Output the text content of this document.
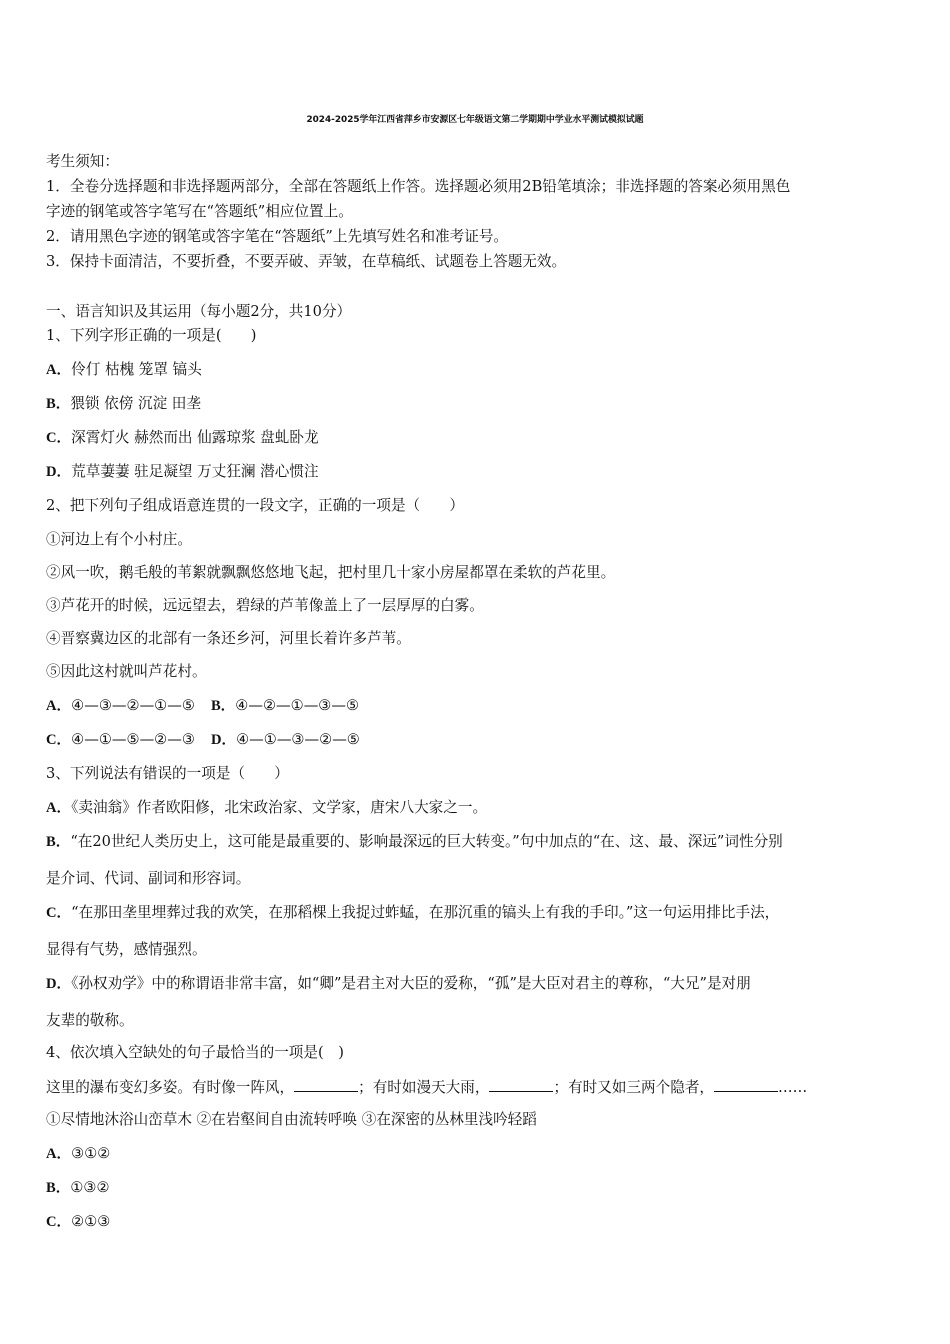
2024-2025学年江西省萍乡市安源区七年级语文第二学期期中学业水平测试模拟试题
考生须知：
1．全卷分选择题和非选择题两部分，全部在答题纸上作答。选择题必须用2B铅笔填涂；非选择题的答案必须用黑色
字迹的钢笔或答字笔写在“答题纸”相应位置上。
2．请用黑色字迹的钢笔或答字笔在“答题纸”上先填写姓名和准考证号。
3．保持卡面清洁，不要折叠，不要弄破、弄皱，在草稿纸、试题卷上答题无效。
一、语言知识及其运用（每小题2分，共10分）
1、下列字形正确的一项是(　　)
A．伶仃 枯槐 笼罩 镐头
B．猥锁 依傍 沉淀 田垄
C．深霄灯火 赫然而出 仙露琼浆 盘虬卧龙
D．荒草萋萋 驻足凝望 万丈狂澜 潜心惯注
2、把下列句子组成语意连贯的一段文字，正确的一项是（　　）
①河边上有个小村庄。
②风一吹，鹅毛般的苇絮就飘飘悠悠地飞起，把村里几十家小房屋都罩在柔软的芦花里。
③芦花开的时候，远远望去，碧绿的芦苇像盖上了一层厚厚的白雾。
④晋察冀边区的北部有一条还乡河，河里长着许多芦苇。
⑤因此这村就叫芦花村。
A．④—③—②—①—⑤ B．④—②—①—③—⑤
C．④—①—⑤—②—③ D．④—①—③—②—⑤
3、下列说法有错误的一项是（　　）
A．《卖油翁》作者欧阳修，北宋政治家、文学家，唐宋八大家之一。
B．“在20世纪人类历史上，这可能是最重要的、影响最深远的巨大转变。”句中加点的“在、这、最、深远”词性分别
是介词、代词、副词和形容词。
C．“在那田垄里埋葬过我的欢笑，在那稻棵上我捉过蚱蜢，在那沉重的镐头上有我的手印。”这一句运用排比手法，
显得有气势，感情强烈。
D．《孙权劝学》中的称谓语非常丰富，如“卿”是君主对大臣的爱称，“孤”是大臣对君主的尊称，“大兄”是对朋
友辈的敬称。
4、依次填入空缺处的句子最恰当的一项是(　)
这里的瀑布变幻多姿。有时像一阵风，	；有时如漫天大雨，	；有时又如三两个隐者，	……
①尽情地沐浴山峦草木 ②在岩壑间自由流转呼唤 ③在深密的丛林里浅吟轻蹈
A．③①②
B．①③②
C．②①③
